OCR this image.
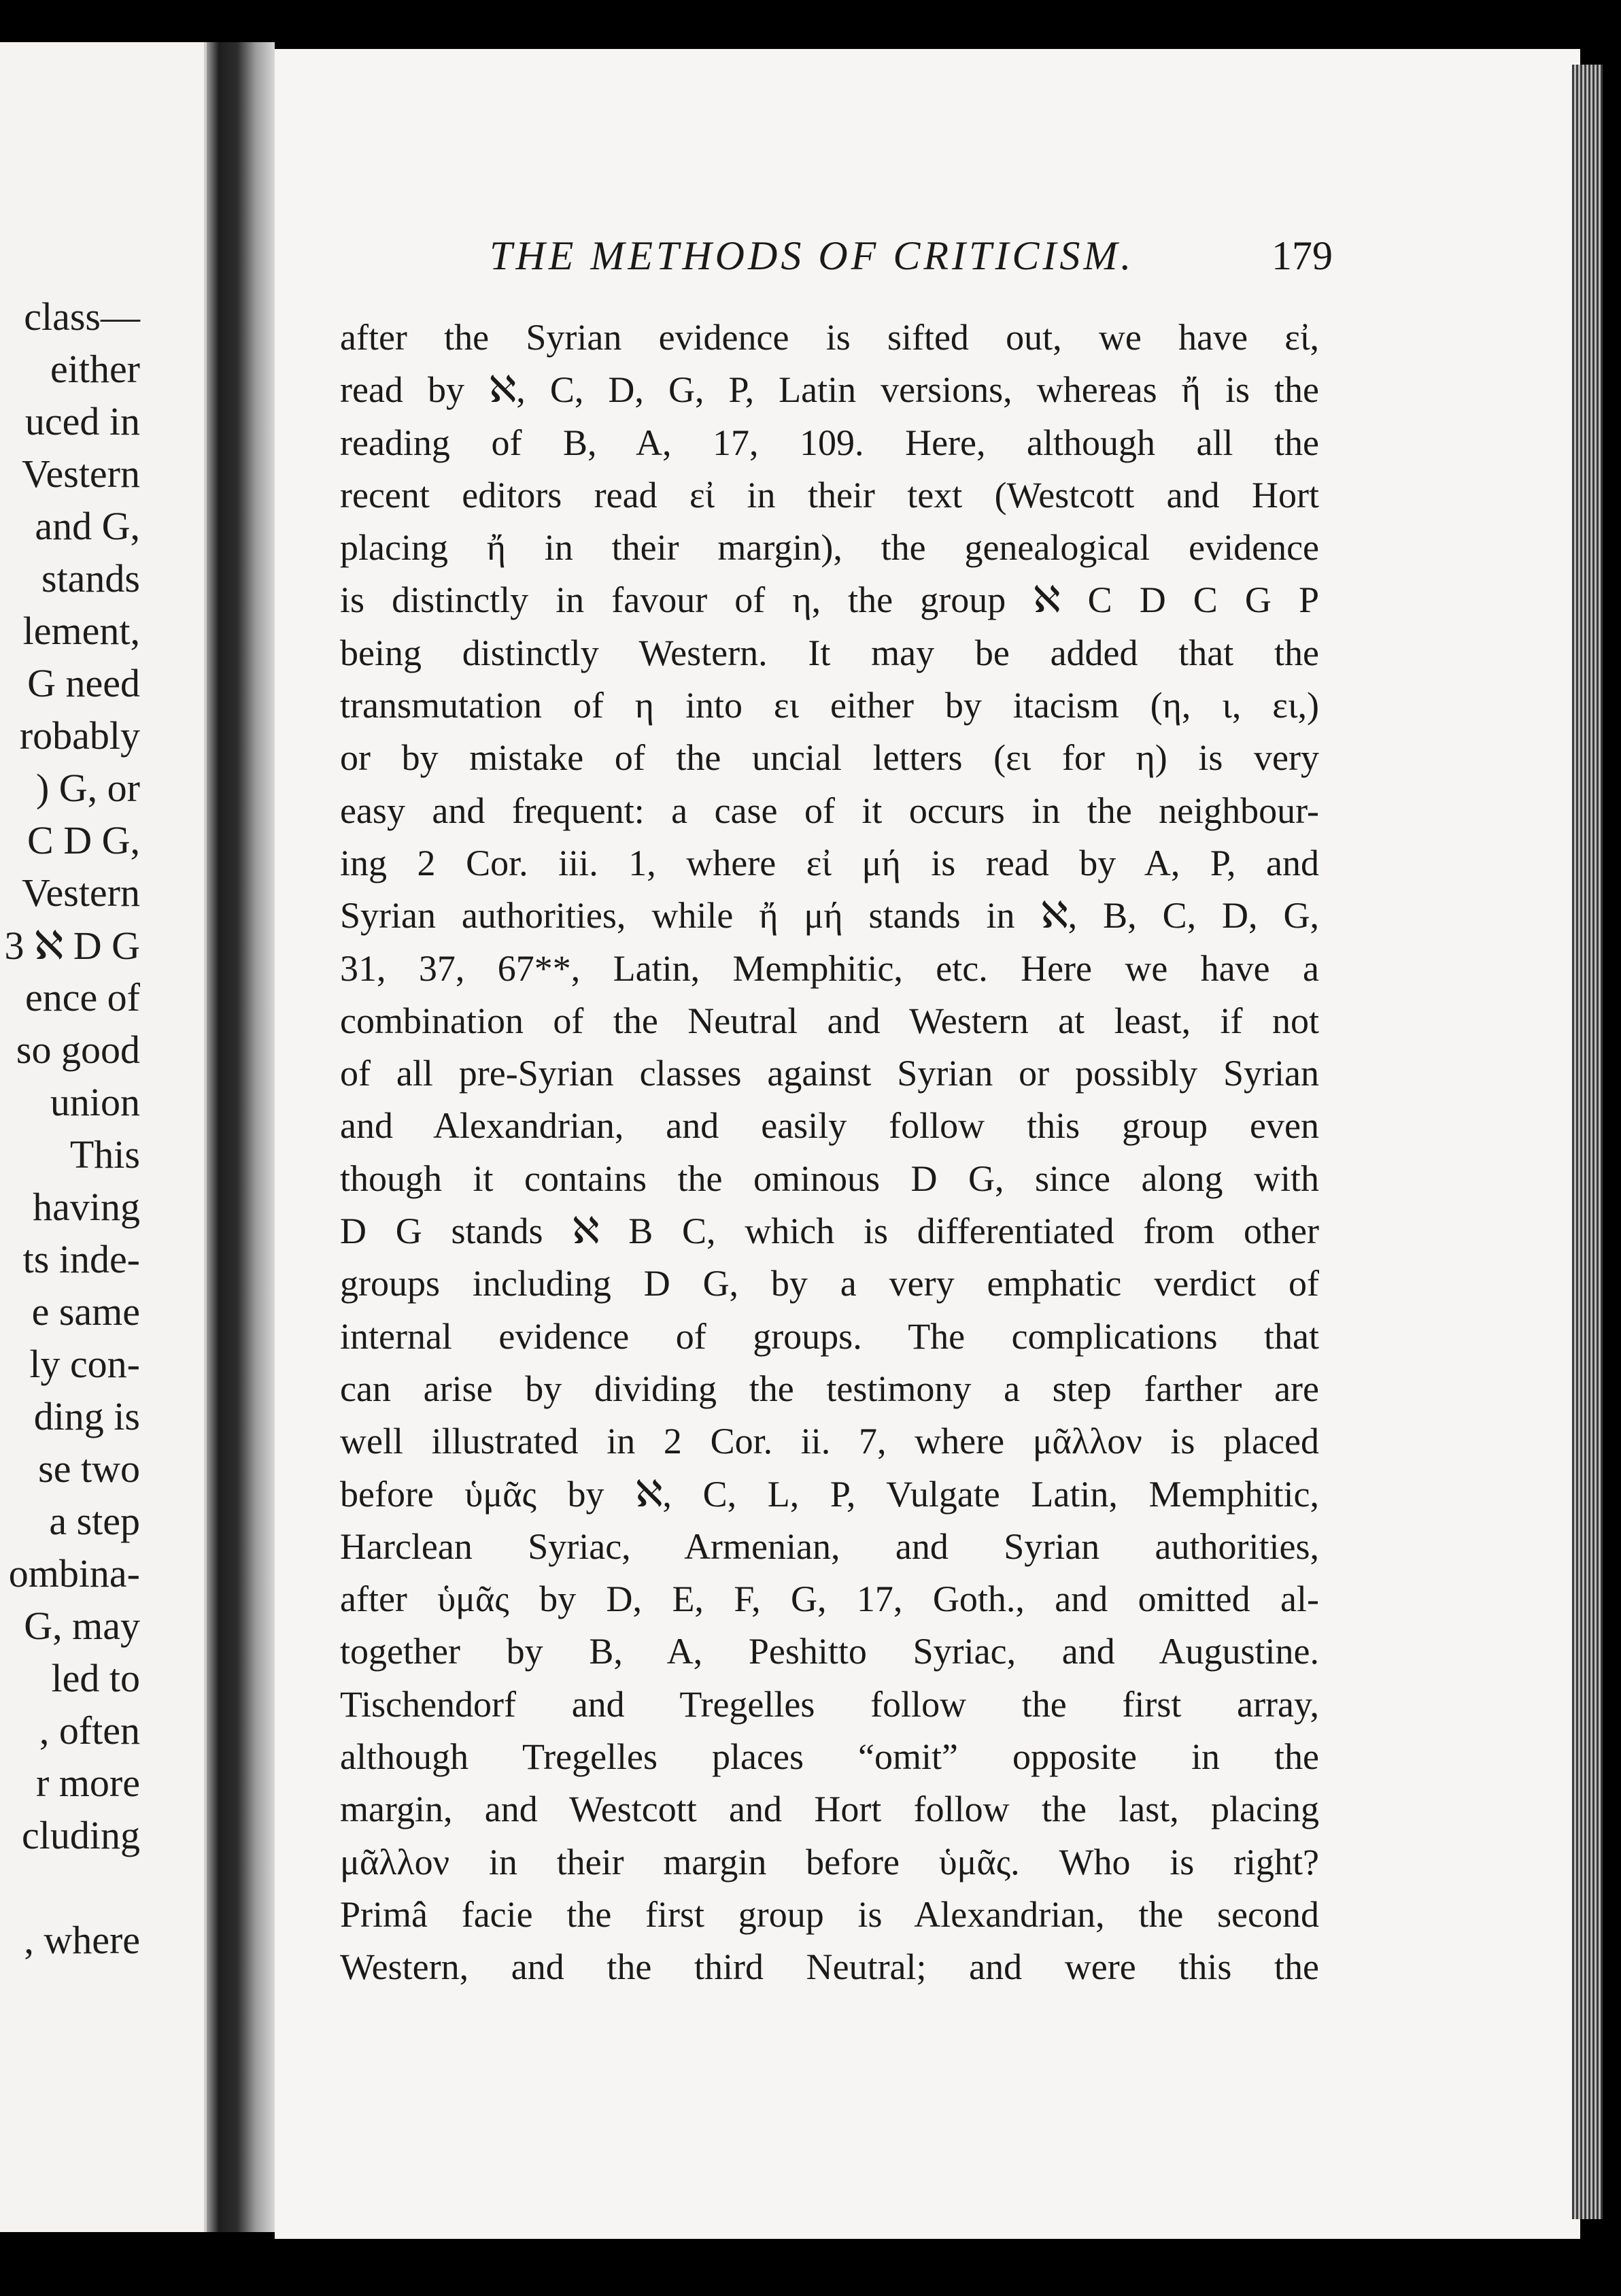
class—
either
uced in
Vestern
and G,
stands
lement,
G need
robably
) G, or
C D G,
Vestern
3 ℵ D G
ence of
so good
union
This
having
ts inde-
e same
ly con-
ding is
se two
a step
ombina-
G, may
led to
, often
r more
cluding
, where
THE METHODS OF CRITICISM.	179
after the Syrian evidence is sifted out, we have εἰ,
read by ℵ, C, D, G, P, Latin versions, whereas ἤ is the
reading of B, A, 17, 109. Here, although all the
recent editors read εἰ in their text (Westcott and Hort
placing ἤ in their margin), the genealogical evidence
is distinctly in favour of η, the group ℵ C D C G P
being distinctly Western. It may be added that the
transmutation of η into ει either by itacism (η, ι, ει,)
or by mistake of the uncial letters (ει for η) is very
easy and frequent: a case of it occurs in the neighbour-
ing 2 Cor. iii. 1, where εἰ μή is read by A, P, and
Syrian authorities, while ἤ μή stands in ℵ, B, C, D, G,
31, 37, 67**, Latin, Memphitic, etc. Here we have a
combination of the Neutral and Western at least, if not
of all pre-Syrian classes against Syrian or possibly Syrian
and Alexandrian, and easily follow this group even
though it contains the ominous D G, since along with
D G stands ℵ B C, which is differentiated from other
groups including D G, by a very emphatic verdict of
internal evidence of groups. The complications that
can arise by dividing the testimony a step farther are
well illustrated in 2 Cor. ii. 7, where μᾶλλον is placed
before ὑμᾶς by ℵ, C, L, P, Vulgate Latin, Memphitic,
Harclean Syriac, Armenian, and Syrian authorities,
after ὑμᾶς by D, E, F, G, 17, Goth., and omitted al-
together by B, A, Peshitto Syriac, and Augustine.
Tischendorf and Tregelles follow the first array,
although Tregelles places “omit” opposite in the
margin, and Westcott and Hort follow the last, placing
μᾶλλον in their margin before ὑμᾶς. Who is right?
Primâ facie the first group is Alexandrian, the second
Western, and the third Neutral; and were this the
